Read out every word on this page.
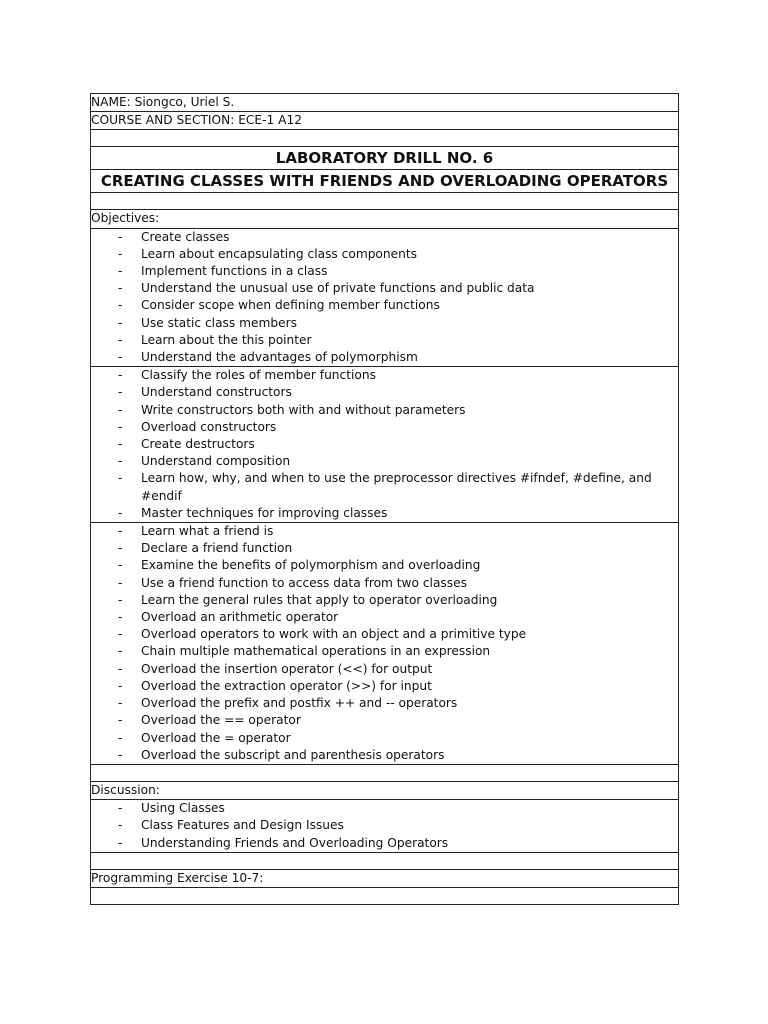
NAME: Siongco, Uriel S.
COURSE AND SECTION: ECE-1 A12

LABORATORY DRILL NO. 6
CREATING CLASSES WITH FRIENDS AND OVERLOADING OPERATORS

Objectives:

- Create classes
- Learn about encapsulating class components
- Implement functions in a class
- Understand the unusual use of private functions and public data
- Consider scope when defining member functions
- Use static class members
- Learn about the this pointer
- Understand the advantages of polymorphism

- Classify the roles of member functions
- Understand constructors
- Write constructors both with and without parameters
- Overload constructors
- Create destructors
- Understand composition
- Learn how, why, and when to use the preprocessor directives #ifndef, #define, and #endif
- Master techniques for improving classes

- Learn what a friend is
- Declare a friend function
- Examine the benefits of polymorphism and overloading
- Use a friend function to access data from two classes
- Learn the general rules that apply to operator overloading
- Overload an arithmetic operator
- Overload operators to work with an object and a primitive type
- Chain multiple mathematical operations in an expression
- Overload the insertion operator (<<) for output
- Overload the extraction operator (>>) for input
- Overload the prefix and postfix ++ and -- operators
- Overload the == operator
- Overload the = operator
- Overload the subscript and parenthesis operators

Discussion:

- Using Classes
- Class Features and Design Issues
- Understanding Friends and Overloading Operators

Programming Exercise 10-7:
